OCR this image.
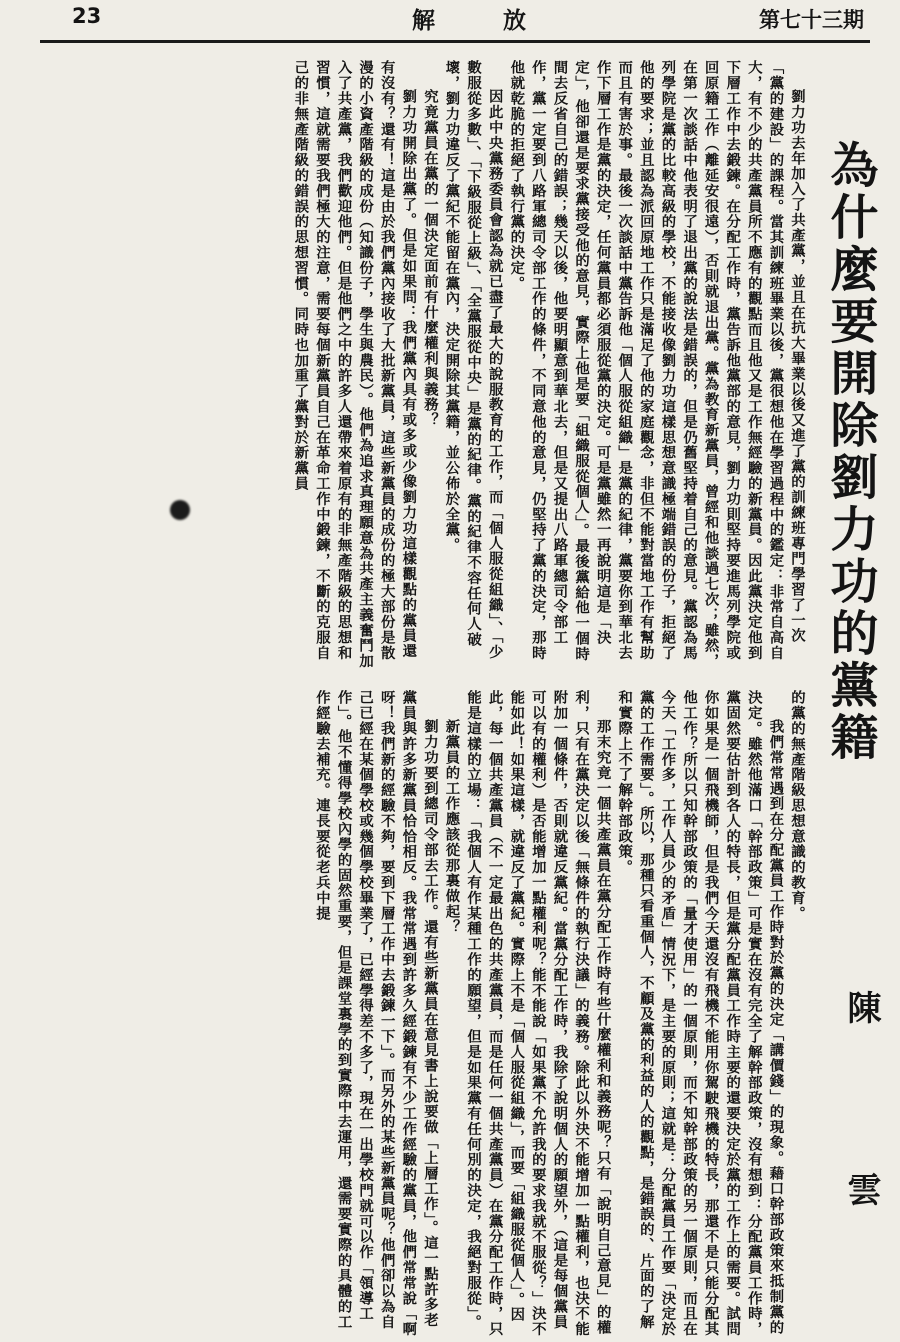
23	解	放	第七十三期
為什麼要開除劉力功的黨籍
陳 雲

劉力功去年加入了共產黨，並且在抗大畢業以後又進了黨的訓練班專門學習了一次「黨的建設」的課程。當其訓練班畢業以後，黨很想他在學習過程中的鑑定：非常自高自大，有不少的共產黨員所不應有的觀點而且他又是工作無經驗的新黨員。因此黨決定他到下層工作中去鍛鍊。在分配工作時，黨告訴他黨部的意見，劉力功則堅持要進馬列學院或回原籍工作（離延安很遠），否則就退出黨。黨為教育新黨員，曾經和他談過七次；雖然，在第一次談話中他表明了退出黨的說法是錯誤的，但是仍舊堅持着自己的意見。黨認為馬列學院是黨的比較高級的學校，不能接收像劉力功這樣思想意識極端錯誤的份子，拒絕了他的要求；並且認為派回原地工作只是滿足了他的家庭觀念，非但不能對當地工作有幫助而且有害於事。最後一次談話中黨告訴他「個人服從組織」是黨的紀律，黨要你到華北去作下層工作是黨的決定，任何黨員都必須服從黨的決定。可是黨雖然一再說明這是「決定」，他卻還是要求黨接受他的意見，實際上他是要「組織服從個人」。最後黨給他一個時間去反省自己的錯誤；幾天以後，他要明顯意到華北去，但是又提出八路軍總司令部工作，黨一定要到八路軍總司令部工作的條件，不同意他的意見，仍堅持了黨的決定，那時他就乾脆的拒絕了執行黨的決定。

因此中央黨務委員會認為就已盡了最大的說服教育的工作，而「個人服從組織」、「少數服從多數」、「下級服從上級」、「全黨服從中央」是黨的紀律。黨的紀律不容任何人破壞，劉力功違反了黨紀不能留在黨內，決定開除其黨籍，並公佈於全黨。

究竟黨員在黨的一個決定面前有什麼權利與義務？

劉力功開除出黨了。但是如果問：我們黨內具有或多或少像劉力功這樣觀點的黨員還有沒有？還有！這是由於我們黨內接收了大批新黨員，這些新黨員的成份的極大部份是散漫的小資產階級的成份（知識份子，學生與農民）。他們為追求真理願意為共產主義奮鬥加入了共產黨，我們歡迎他們。但是他們之中的許多人還帶來着原有的非無產階級的思想和習慣，這就需要我們極大的注意，需要每個新黨員自己在革命工作中鍛鍊，不斷的克服自己的非無產階級的錯誤的思想習慣。同時也加重了黨對於新黨員

的黨的無產階級思想意識的教育。

我們常常遇到在分配黨員工作時對於黨的決定「講價錢」的現象。藉口幹部政策來抵制黨的決定。雖然他滿口「幹部政策」可是實在沒有完全了解幹部政策，沒有想到：分配黨員工作時，黨固然要估計到各人的特長，但是黨分配黨員工作時主要的還要決定於黨的工作上的需要。試問你如果是一個飛機師，但是我們今天還沒有飛機不能用你駕駛飛機的特長，那還不是只能分配其他工作？所以只知幹部政策的「量才使用」的一個原則，而不知幹部政策的另一個原則，而且在今天「工作多，工作人員少的矛盾」情況下，是主要的原則；這就是：分配黨員工作要「決定於黨的工作需要」。所以，那種只看重個人，不顧及黨的利益的人的觀點，是錯誤的、片面的了解和實際上不了解幹部政策。

那末究竟一個共產黨員在黨分配工作時有些什麼權利和義務呢？只有「說明自己意見」的權利，只有在黨決定以後「無條件的執行決議」的義務。除此以外決不能增加一點權利，也決不能附加一個條件，否則就違反黨紀。當黨分配工作時，我除了說明個人的願望外，（這是每個黨員可以有的權利）是否能增加一點權利呢？能不能說「如果黨不允許我的要求我就不服從？」決不能如此！如果這樣，就違反了黨紀。實際上不是「個人服從組織」，而要「組織服從個人」。因此，每一個共產黨員（不一定最出色的共產黨員，而是任何一個共產黨員）在黨分配工作時，只能是這樣的立場：「我個人有作某種工作的願望，但是如果黨有任何別的決定，我絕對服從」。

新黨員的工作應該從那裏做起？

劉力功要到總司令部去工作。還有些新黨員在意見書上說要做「上層工作」。這一點許多老黨員與許多新黨員恰恰相反。我常常遇到許多久經鍛鍊有不少工作經驗的黨員，他們常常說「啊呀！我們新的經驗不夠，要到下層工作中去鍛鍊一下」。而另外的某些新黨員呢？他們卻以為自己已經在某個學校或幾個學校畢業了，已經學得差不多了，現在一出學校門就可以作「領導工作」。他不懂得學校內學的固然重要，但是課堂裏學的到實際中去運用，還需要實際的具體的工作經驗去補充。連長要從老兵中提
